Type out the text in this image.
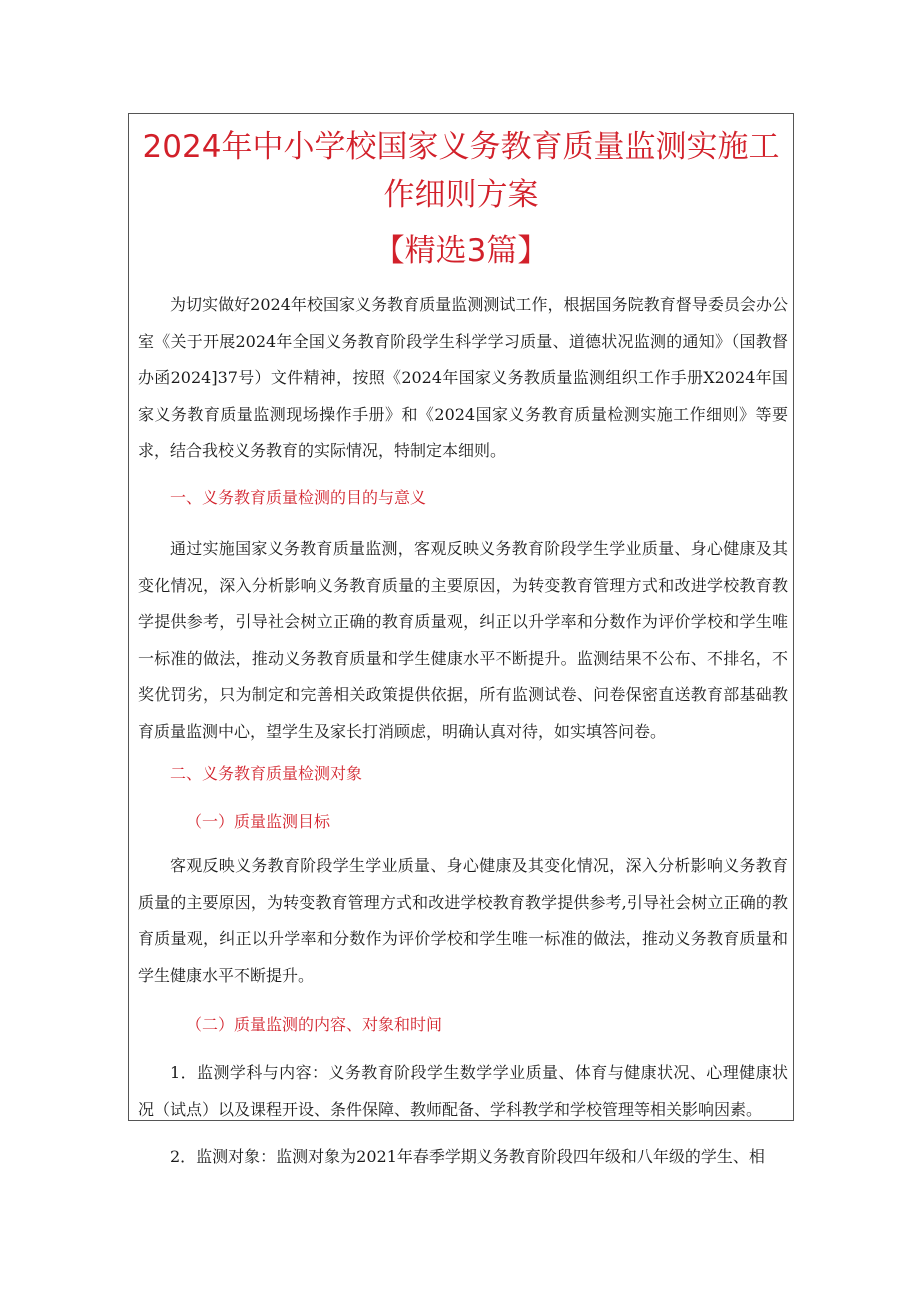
2024年中小学校国家义务教育质量监测实施工
作细则方案
【精选3篇】
为切实做好2024年校国家义务教育质量监测测试工作，根据国务院教育督导委员会办公室《关于开展2024年全国义务教育阶段学生科学学习质量、道德状况监测的通知》（国教督办函2024]37号）文件精神，按照《2024年国家义务教质量监测组织工作手册X2024年国家义务教育质量监测现场操作手册》和《2024国家义务教育质量检测实施工作细则》等要求，结合我校义务教育的实际情况，特制定本细则。
一、义务教育质量检测的目的与意义
通过实施国家义务教育质量监测，客观反映义务教育阶段学生学业质量、身心健康及其变化情况，深入分析影响义务教育质量的主要原因，为转变教育管理方式和改进学校教育教学提供参考，引导社会树立正确的教育质量观，纠正以升学率和分数作为评价学校和学生唯一标准的做法，推动义务教育质量和学生健康水平不断提升。监测结果不公布、不排名，不奖优罚劣，只为制定和完善相关政策提供依据，所有监测试卷、问卷保密直送教育部基础教育质量监测中心，望学生及家长打消顾虑，明确认真对待，如实填答问卷。
二、义务教育质量检测对象
（一）质量监测目标
客观反映义务教育阶段学生学业质量、身心健康及其变化情况，深入分析影响义务教育质量的主要原因，为转变教育管理方式和改进学校教育教学提供参考,引导社会树立正确的教育质量观，纠正以升学率和分数作为评价学校和学生唯一标准的做法，推动义务教育质量和学生健康水平不断提升。
（二）质量监测的内容、对象和时间
1．监测学科与内容：义务教育阶段学生数学学业质量、体育与健康状况、心理健康状况（试点）以及课程开设、条件保障、教师配备、学科教学和学校管理等相关影响因素。
2．监测对象：监测对象为2021年春季学期义务教育阶段四年级和八年级的学生、相
